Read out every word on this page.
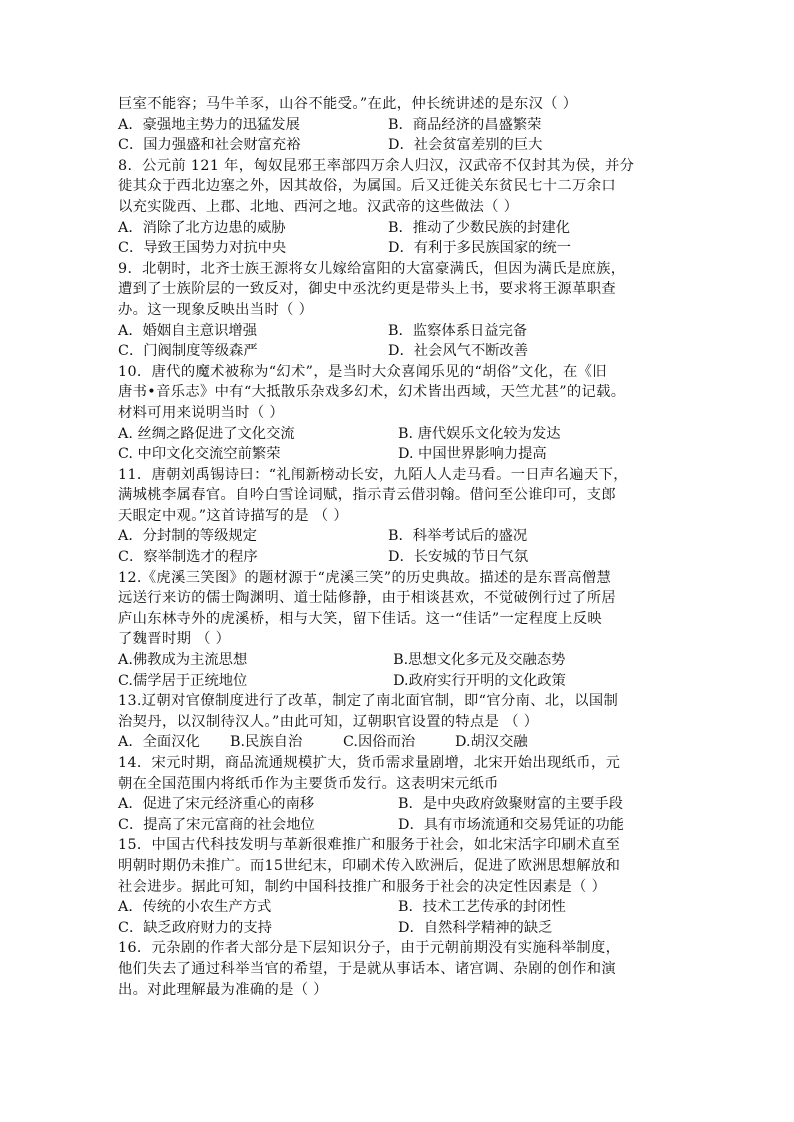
巨室不能容；马牛羊豕，山谷不能受。”在此，仲长统讲述的是东汉（ ）
A．豪强地主势力的迅猛发展	B．商品经济的昌盛繁荣
C．国力强盛和社会财富充裕	D．社会贫富差别的巨大
8．公元前 121 年，匈奴昆邪王率部四万余人归汉，汉武帝不仅封其为侯，并分
徙其众于西北边塞之外，因其故俗，为属国。后又迁徙关东贫民七十二万余口
以充实陇西、上郡、北地、西河之地。汉武帝的这些做法（ ）
A．消除了北方边患的威胁	B．推动了少数民族的封建化
C．导致王国势力对抗中央	D．有利于多民族国家的统一
9．北朝时，北齐士族王源将女儿嫁给富阳的大富豪满氏，但因为满氏是庶族，
遭到了士族阶层的一致反对，御史中丞沈约更是带头上书，要求将王源革职查
办。这一现象反映出当时（ ）
A．婚姻自主意识增强	B．监察体系日益完备
C．门阀制度等级森严	D．社会风气不断改善
10．唐代的魔术被称为“幻术”，是当时大众喜闻乐见的“胡俗”文化，在《旧
唐书•音乐志》中有“大抵散乐杂戏多幻术，幻术皆出西域，天竺尤甚”的记载。
材料可用来说明当时（ ）
A. 丝绸之路促进了文化交流	B. 唐代娱乐文化较为发达
C. 中印文化交流空前繁荣	D. 中国世界影响力提高
11．唐朝刘禹锡诗曰：“礼闱新榜动长安，九陌人人走马看。一日声名遍天下，
满城桃李属春官。自吟白雪诠词赋，指示青云借羽翰。借问至公谁印可，支郎
天眼定中观。”这首诗描写的是 （ ）
A．分封制的等级规定	B．科举考试后的盛况
C．察举制选才的程序	D．长安城的节日气氛
12.《虎溪三笑图》的题材源于“虎溪三笑”的历史典故。描述的是东晋高僧慧
远送行来访的儒士陶渊明、道士陆修静，由于相谈甚欢，不觉破例行过了所居
庐山东林寺外的虎溪桥，相与大笑，留下佳话。这一“佳话”一定程度上反映
了魏晋时期 （ ）
A.佛教成为主流思想	B.思想文化多元及交融态势
C.儒学居于正统地位	D.政府实行开明的文化政策
13.辽朝对官僚制度进行了改革，制定了南北面官制，即“官分南、北，以国制
治契丹，以汉制待汉人。”由此可知，辽朝职官设置的特点是 （ ）
A．全面汉化	B.民族自治	C.因俗而治	D.胡汉交融
14．宋元时期，商品流通规模扩大，货币需求量剧增，北宋开始出现纸币，元
朝在全国范围内将纸币作为主要货币发行。这表明宋元纸币
A．促进了宋元经济重心的南移	B．是中央政府敛聚财富的主要手段
C．提高了宋元富商的社会地位	D．具有市场流通和交易凭证的功能
15．中国古代科技发明与革新很难推广和服务于社会，如北宋活字印刷术直至
明朝时期仍未推广。而15世纪末，印刷术传入欧洲后，促进了欧洲思想解放和
社会进步。据此可知，制约中国科技推广和服务于社会的决定性因素是（ ）
A．传统的小农生产方式	B．技术工艺传承的封闭性
C．缺乏政府财力的支持	D．自然科学精神的缺乏
16．元杂剧的作者大部分是下层知识分子，由于元朝前期没有实施科举制度，
他们失去了通过科举当官的希望，于是就从事话本、诸宫调、杂剧的创作和演
出。对此理解最为准确的是（ ）
